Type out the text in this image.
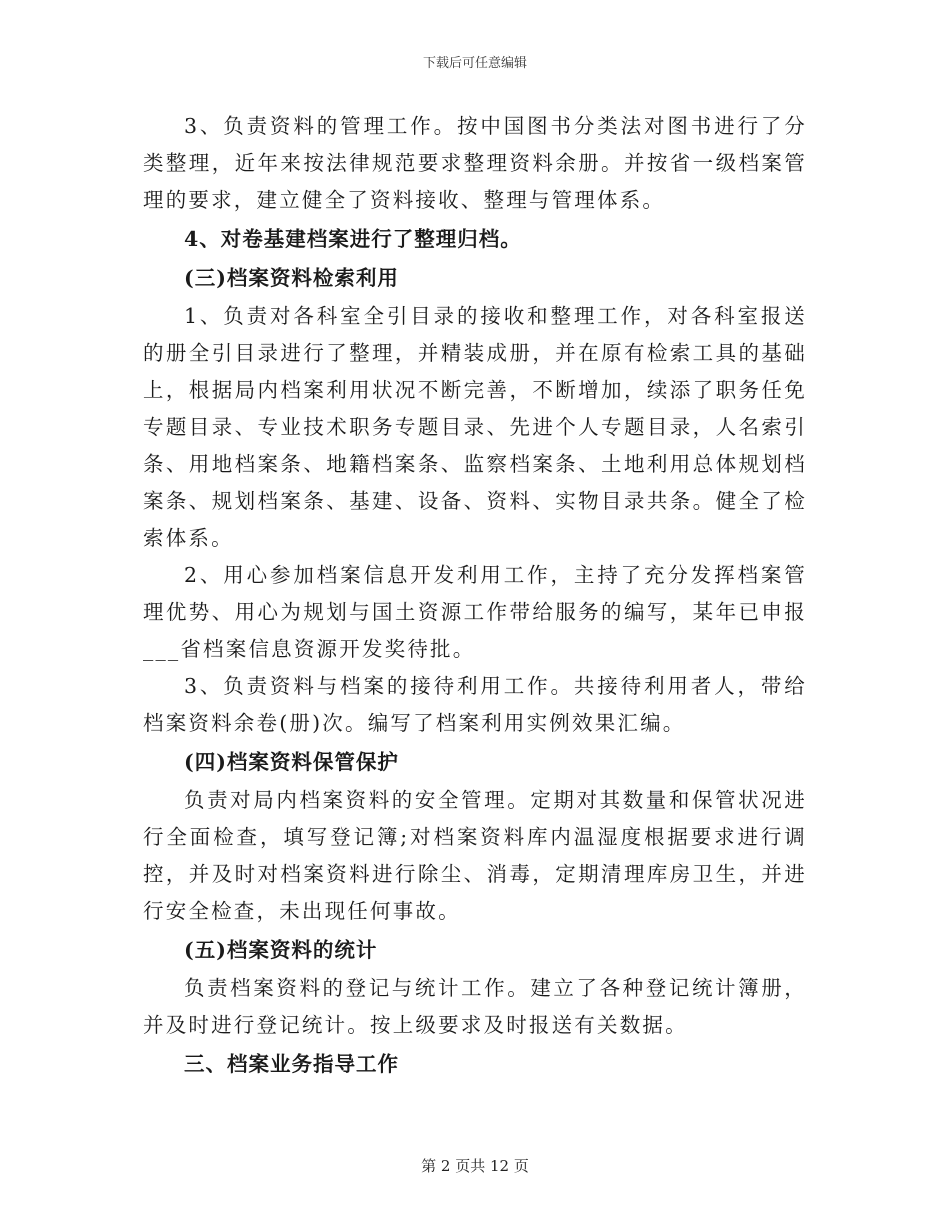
下载后可任意编辑

3、负责资料的管理工作。按中国图书分类法对图书进行了分类整理，近年来按法律规范要求整理资料余册。并按省一级档案管理的要求，建立健全了资料接收、整理与管理体系。

4、对卷基建档案进行了整理归档。

(三)档案资料检索利用

1、负责对各科室全引目录的接收和整理工作，对各科室报送的册全引目录进行了整理，并精装成册，并在原有检索工具的基础上，根据局内档案利用状况不断完善，不断增加，续添了职务任免专题目录、专业技术职务专题目录、先进个人专题目录，人名索引条、用地档案条、地籍档案条、监察档案条、土地利用总体规划档案条、规划档案条、基建、设备、资料、实物目录共条。健全了检索体系。

2、用心参加档案信息开发利用工作，主持了充分发挥档案管理优势、用心为规划与国土资源工作带给服务的编写，某年已申报___省档案信息资源开发奖待批。

3、负责资料与档案的接待利用工作。共接待利用者人，带给档案资料余卷(册)次。编写了档案利用实例效果汇编。

(四)档案资料保管保护

负责对局内档案资料的安全管理。定期对其数量和保管状况进行全面检查，填写登记簿;对档案资料库内温湿度根据要求进行调控，并及时对档案资料进行除尘、消毒，定期清理库房卫生，并进行安全检查，未出现任何事故。

(五)档案资料的统计

负责档案资料的登记与统计工作。建立了各种登记统计簿册，并及时进行登记统计。按上级要求及时报送有关数据。

三、档案业务指导工作

第 2 页共 12 页
